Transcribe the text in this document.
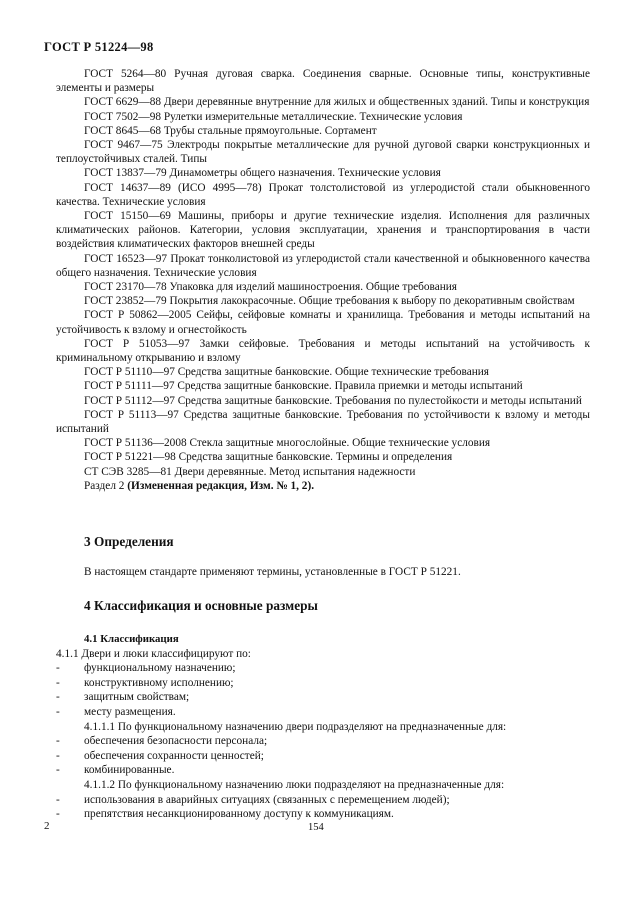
ГОСТ Р 51224—98

ГОСТ 5264—80 Ручная дуговая сварка. Соединения сварные. Основные типы, конструктивные элементы и размеры

ГОСТ 6629—88 Двери деревянные внутренние для жилых и общественных зданий. Типы и конструкция

ГОСТ 7502—98 Рулетки измерительные металлические. Технические условия

ГОСТ 8645—68 Трубы стальные прямоугольные. Сортамент

ГОСТ 9467—75 Электроды покрытые металлические для ручной дуговой сварки конструкционных и теплоустойчивых сталей. Типы

ГОСТ 13837—79 Динамометры общего назначения. Технические условия

ГОСТ 14637—89 (ИСО 4995—78) Прокат толстолистовой из углеродистой стали обыкновенного качества. Технические условия

ГОСТ 15150—69 Машины, приборы и другие технические изделия. Исполнения для различных климатических районов. Категории, условия эксплуатации, хранения и транспортирования в части воздействия климатических факторов внешней среды

ГОСТ 16523—97 Прокат тонколистовой из углеродистой стали качественной и обыкновенного качества общего назначения. Технические условия

ГОСТ 23170—78 Упаковка для изделий машиностроения. Общие требования

ГОСТ 23852—79 Покрытия лакокрасочные. Общие требования к выбору по декоративным свойствам

ГОСТ Р 50862—2005 Сейфы, сейфовые комнаты и хранилища. Требования и методы испытаний на устойчивость к взлому и огнестойкость

ГОСТ Р 51053—97 Замки сейфовые. Требования и методы испытаний на устойчивость к криминальному открыванию и взлому

ГОСТ Р 51110—97 Средства защитные банковские. Общие технические требования

ГОСТ Р 51111—97 Средства защитные банковские. Правила приемки и методы испытаний

ГОСТ Р 51112—97 Средства защитные банковские. Требования по пулестойкости и методы испытаний

ГОСТ Р 51113—97 Средства защитные банковские. Требования по устойчивости к взлому и методы испытаний

ГОСТ Р 51136—2008 Стекла защитные многослойные. Общие технические условия

ГОСТ Р 51221—98 Средства защитные банковские. Термины и определения

СТ СЭВ 3285—81 Двери деревянные. Метод испытания надежности

Раздел 2 (Измененная редакция, Изм. № 1, 2).

3 Определения

В настоящем стандарте применяют термины, установленные в ГОСТ Р 51221.

4 Классификация и основные размеры

4.1 Классификация

4.1.1 Двери и люки классифицируют по:

- функциональному назначению;

- конструктивному исполнению;

- защитным свойствам;

- месту размещения.

4.1.1.1 По функциональному назначению двери подразделяют на предназначенные для:

- обеспечения безопасности персонала;

- обеспечения сохранности ценностей;

- комбинированные.

4.1.1.2 По функциональному назначению люки подразделяют на предназначенные для:

- использования в аварийных ситуациях (связанных с перемещением людей);

- препятствия несанкционированному доступу к коммуникациям.

2	154
